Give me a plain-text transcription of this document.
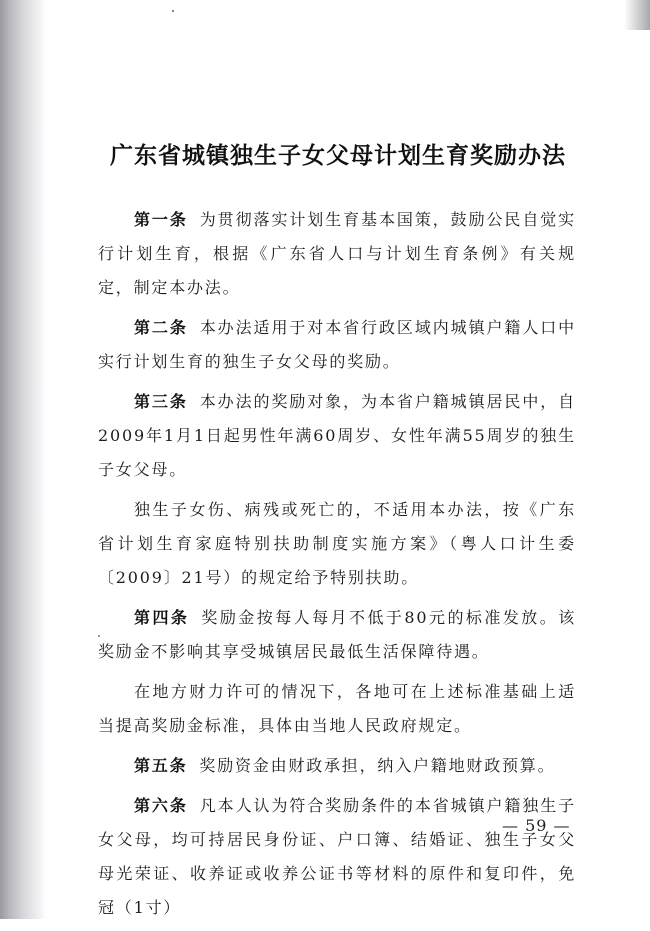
广东省城镇独生子女父母计划生育奖励办法

第一条 为贯彻落实计划生育基本国策，鼓励公民自觉实行计划生育，根据《广东省人口与计划生育条例》有关规定，制定本办法。

第二条 本办法适用于对本省行政区域内城镇户籍人口中实行计划生育的独生子女父母的奖励。

第三条 本办法的奖励对象，为本省户籍城镇居民中，自2009年1月1日起男性年满60周岁、女性年满55周岁的独生子女父母。

独生子女伤、病残或死亡的，不适用本办法，按《广东省计划生育家庭特别扶助制度实施方案》（粤人口计生委〔2009〕21号）的规定给予特别扶助。

第四条 奖励金按每人每月不低于80元的标准发放。该奖励金不影响其享受城镇居民最低生活保障待遇。

在地方财力许可的情况下，各地可在上述标准基础上适当提高奖励金标准，具体由当地人民政府规定。

第五条 奖励资金由财政承担，纳入户籍地财政预算。

第六条 凡本人认为符合奖励条件的本省城镇户籍独生子女父母，均可持居民身份证、户口簿、结婚证、独生子女父母光荣证、收养证或收养公证书等材料的原件和复印件，免冠（1寸）

— 59 —
